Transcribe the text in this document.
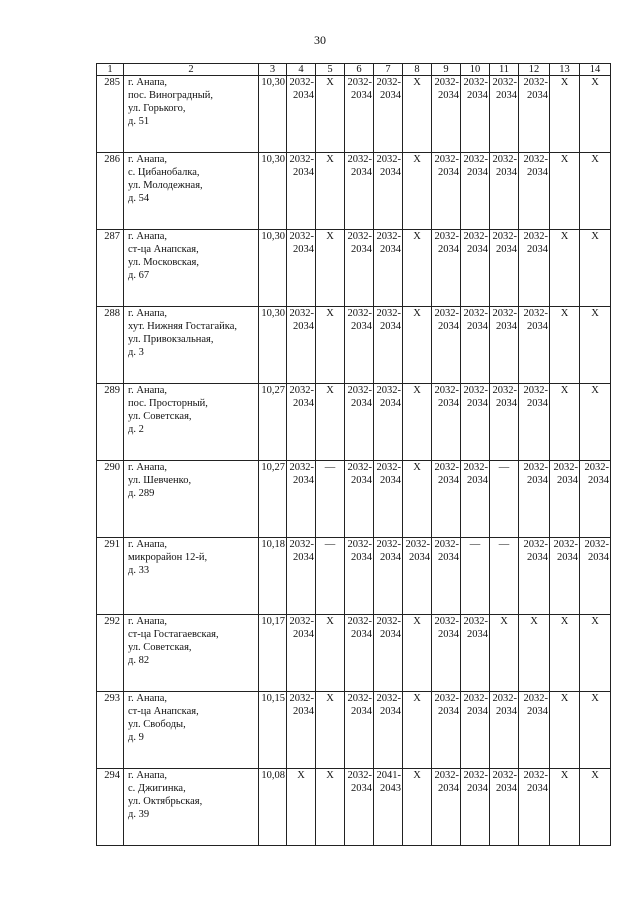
30
1	2	3	4	5	6	7	8	9	10	11	12	13	14
285	г. Анапа,
пос. Виноградный,
ул. Горького,
д. 51	10,30	2032-
2034	X	2032-
2034	2032-
2034	X	2032-
2034	2032-
2034	2032-
2034	2032-
2034	X	X

286	г. Анапа,
с. Цибанобалка,
ул. Молодежная,
д. 54	10,30	2032-
2034	X	2032-
2034	2032-
2034	X	2032-
2034	2032-
2034	2032-
2034	2032-
2034	X	X

287	г. Анапа,
ст-ца Анапская,
ул. Московская,
д. 67	10,30	2032-
2034	X	2032-
2034	2032-
2034	X	2032-
2034	2032-
2034	2032-
2034	2032-
2034	X	X

288	г. Анапа,
хут. Нижняя Гостагайка,
ул. Привокзальная,
д. 3	10,30	2032-
2034	X	2032-
2034	2032-
2034	X	2032-
2034	2032-
2034	2032-
2034	2032-
2034	X	X

289	г. Анапа,
пос. Просторный,
ул. Советская,
д. 2	10,27	2032-
2034	X	2032-
2034	2032-
2034	X	2032-
2034	2032-
2034	2032-
2034	2032-
2034	X	X

290	г. Анапа,
ул. Шевченко,
д. 289	10,27	2032-
2034	—	2032-
2034	2032-
2034	X	2032-
2034	2032-
2034	—	2032-
2034	2032-
2034	2032-
2034

291	г. Анапа,
микрорайон 12-й,
д. 33	10,18	2032-
2034	—	2032-
2034	2032-
2034	2032-
2034	2032-
2034	—	—	2032-
2034	2032-
2034	2032-
2034

292	г. Анапа,
ст-ца Гостагаевская,
ул. Советская,
д. 82	10,17	2032-
2034	X	2032-
2034	2032-
2034	X	2032-
2034	2032-
2034	X	X	X	X

293	г. Анапа,
ст-ца Анапская,
ул. Свободы,
д. 9	10,15	2032-
2034	X	2032-
2034	2032-
2034	X	2032-
2034	2032-
2034	2032-
2034	2032-
2034	X	X

294	г. Анапа,
с. Джигинка,
ул. Октябрьская,
д. 39	10,08	X	X	2032-
2034	2041-
2043	X	2032-
2034	2032-
2034	2032-
2034	2032-
2034	X	X
